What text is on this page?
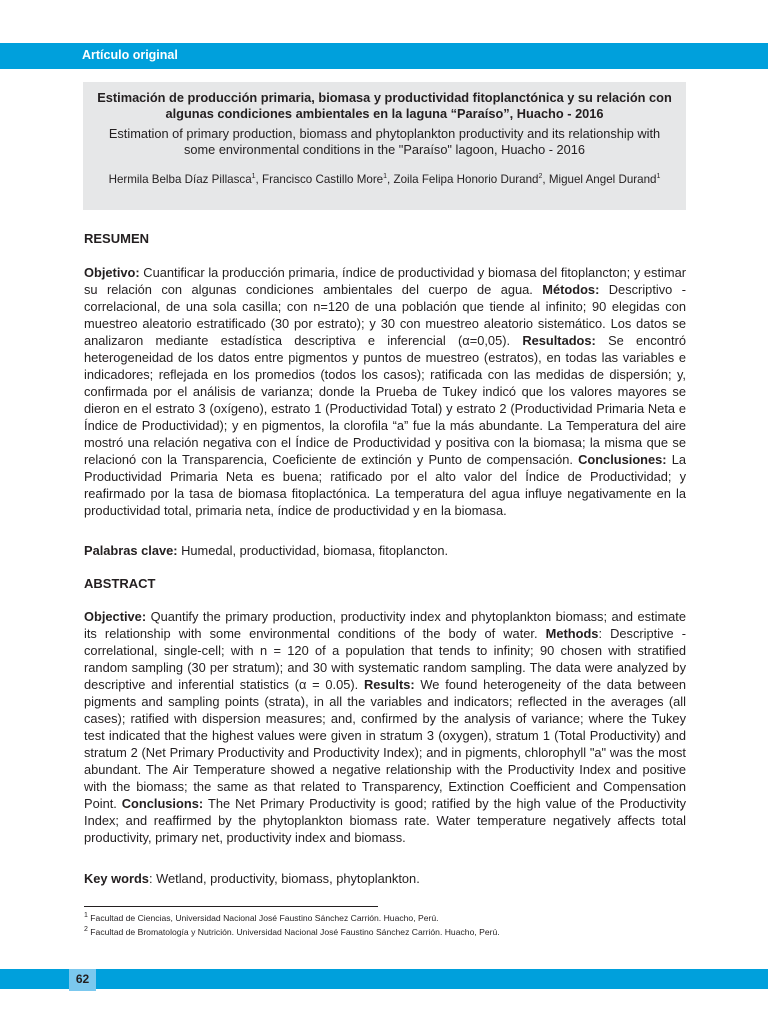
Artículo original
Estimación de producción primaria, biomasa y productividad fitoplanctónica y su relación con algunas condiciones ambientales en la laguna “Paraíso”, Huacho - 2016
Estimation of primary production, biomass and phytoplankton productivity and its relationship with some environmental conditions in the "Paraíso" lagoon, Huacho - 2016
Hermila Belba Díaz Pillasca$^1$, Francisco Castillo More$^1$, Zoila Felipa Honorio Durand$^2$, Miguel Angel Durand$^1$
RESUMEN
Objetivo: Cuantificar la producción primaria, índice de productividad y biomasa del fitoplancton; y estimar su relación con algunas condiciones ambientales del cuerpo de agua. Métodos: Descriptivo - correlacional, de una sola casilla; con n=120 de una población que tiende al infinito; 90 elegidas con muestreo aleatorio estratificado (30 por estrato); y 30 con muestreo aleatorio sistemático. Los datos se analizaron mediante estadística descriptiva e inferencial (α=0,05). Resultados: Se encontró heterogeneidad de los datos entre pigmentos y puntos de muestreo (estratos), en todas las variables e indicadores; reflejada en los promedios (todos los casos); ratificada con las medidas de dispersión; y, confirmada por el análisis de varianza; donde la Prueba de Tukey indicó que los valores mayores se dieron en el estrato 3 (oxígeno), estrato 1 (Productividad Total) y estrato 2 (Productividad Primaria Neta e Índice de Productividad); y en pigmentos, la clorofila “a” fue la más abundante. La Temperatura del aire mostró una relación negativa con el Índice de Productividad y positiva con la biomasa; la misma que se relacionó con la Transparencia, Coeficiente de extinción y Punto de compensación. Conclusiones: La Productividad Primaria Neta es buena; ratificado por el alto valor del Índice de Productividad; y reafirmado por la tasa de biomasa fitoplactónica. La temperatura del agua influye negativamente en la productividad total, primaria neta, índice de productividad y en la biomasa.
Palabras clave: Humedal, productividad, biomasa, fitoplancton.
ABSTRACT
Objective: Quantify the primary production, productivity index and phytoplankton biomass; and estimate its relationship with some environmental conditions of the body of water. Methods: Descriptive - correlational, single-cell; with n = 120 of a population that tends to infinity; 90 chosen with stratified random sampling (30 per stratum); and 30 with systematic random sampling. The data were analyzed by descriptive and inferential statistics (α = 0.05). Results: We found heterogeneity of the data between pigments and sampling points (strata), in all the variables and indicators; reflected in the averages (all cases); ratified with dispersion measures; and, confirmed by the analysis of variance; where the Tukey test indicated that the highest values were given in stratum 3 (oxygen), stratum 1 (Total Productivity) and stratum 2 (Net Primary Productivity and Productivity Index); and in pigments, chlorophyll "a" was the most abundant. The Air Temperature showed a negative relationship with the Productivity Index and positive with the biomass; the same as that related to Transparency, Extinction Coefficient and Compensation Point. Conclusions: The Net Primary Productivity is good; ratified by the high value of the Productivity Index; and reaffirmed by the phytoplankton biomass rate. Water temperature negatively affects total productivity, primary net, productivity index and biomass.
Key words: Wetland, productivity, biomass, phytoplankton.
$^1$ Facultad de Ciencias, Universidad Nacional José Faustino Sánchez Carrión. Huacho, Perú.
$^2$ Facultad de Bromatología y Nutrición. Universidad Nacional José Faustino Sánchez Carrión. Huacho, Perú.
62
